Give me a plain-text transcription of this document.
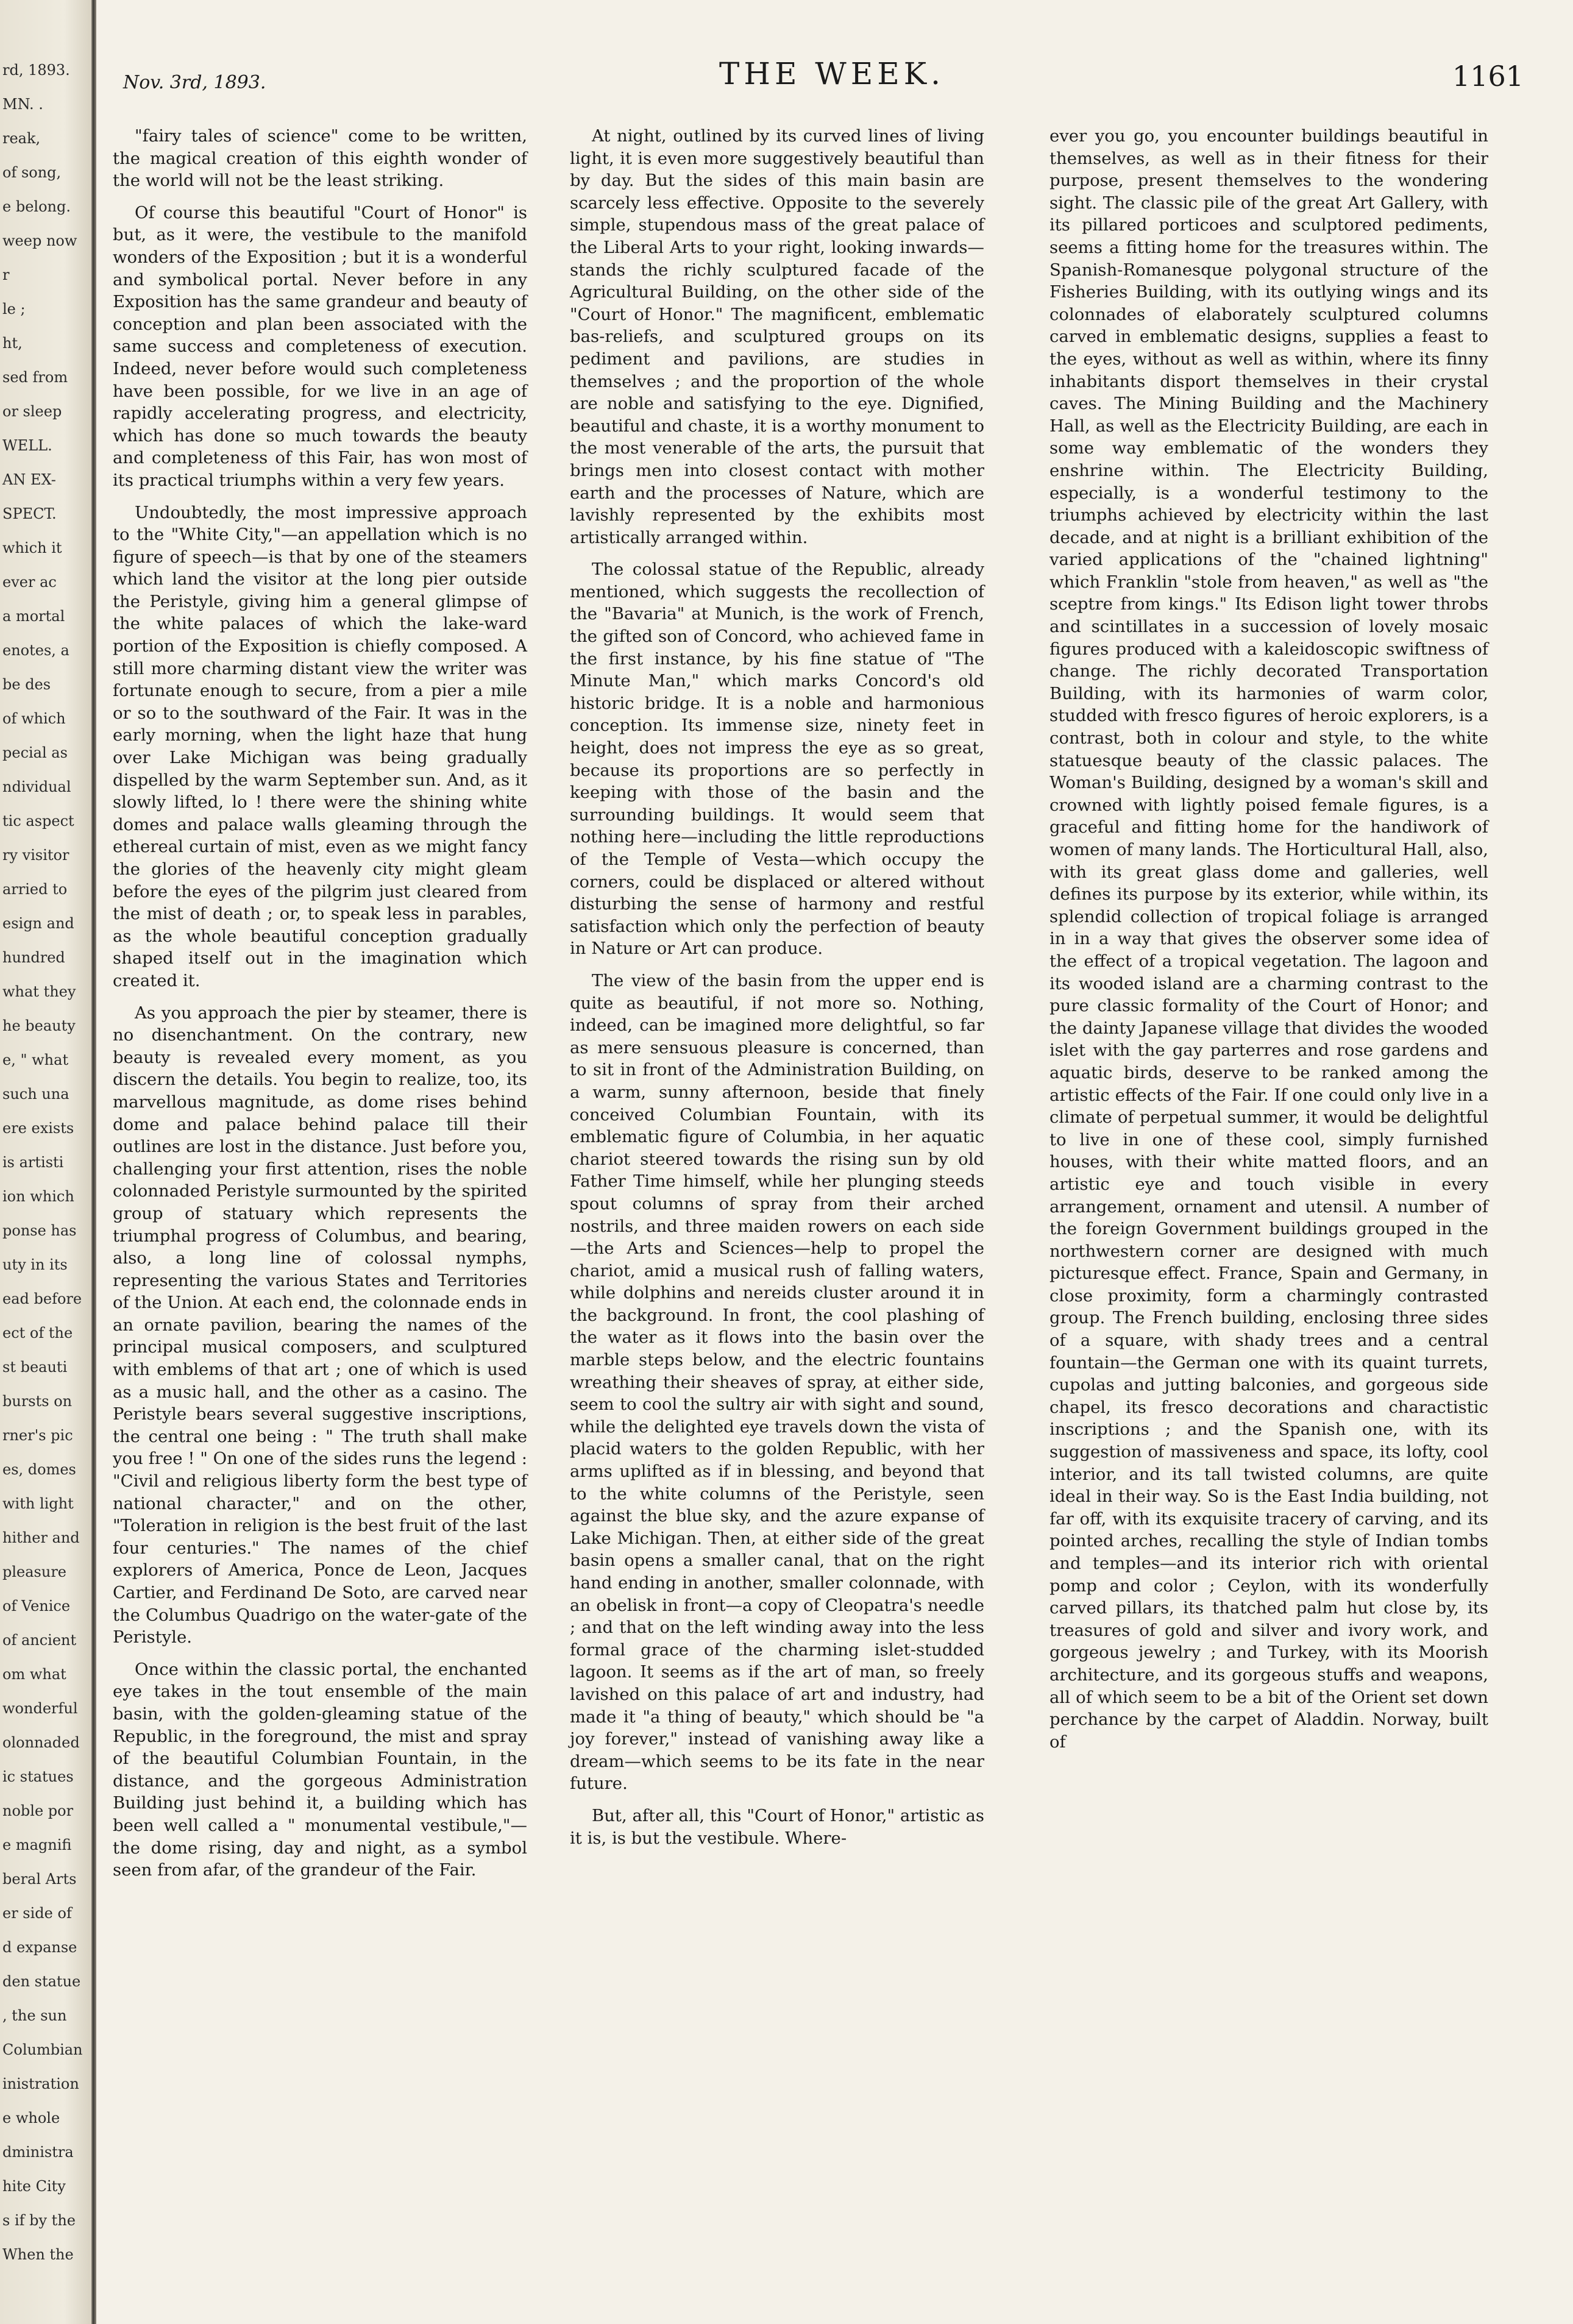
rd, 1893.

MN. .

reak,

of song,

e belong.

weep now

r

le ;

ht,

sed from

or sleep

WELL.

AN EX-

SPECT.

which it

ever ac

a mortal

enotes, a

be des

of which

pecial as

ndividual

tic aspect

ry visitor

arried to

esign and

hundred

what they

he beauty

e, " what

such una

ere exists

is artisti

ion which

ponse has

uty in its

ead before

ect of the

st beauti

bursts on

rner's pic

es, domes

with light

hither and

pleasure

of Venice

of ancient

om what

wonderful

olonnaded

ic statues

noble por

e magnifi

beral Arts

er side of

d expanse

den statue

, the sun

Columbian

inistration

e whole

dministra

hite City

s if by the

When the

Nov. 3rd, 1893.	THE WEEK.	1161

"fairy tales of science" come to be written, the magical creation of this eighth wonder of the world will not be the least striking.

Of course this beautiful "Court of Honor" is but, as it were, the vestibule to the manifold wonders of the Exposition ; but it is a wonderful and symbolical portal. Never before in any Exposition has the same grandeur and beauty of conception and plan been associated with the same success and completeness of execution. Indeed, never before would such completeness have been possible, for we live in an age of rapidly accelerating progress, and electricity, which has done so much towards the beauty and completeness of this Fair, has won most of its practical triumphs within a very few years.

Undoubtedly, the most impressive approach to the "White City,"—an appellation which is no figure of speech—is that by one of the steamers which land the visitor at the long pier outside the Peristyle, giving him a general glimpse of the white palaces of which the lake-ward portion of the Exposition is chiefly composed. A still more charming distant view the writer was fortunate enough to secure, from a pier a mile or so to the southward of the Fair. It was in the early morning, when the light haze that hung over Lake Michigan was being gradually dispelled by the warm September sun. And, as it slowly lifted, lo ! there were the shining white domes and palace walls gleaming through the ethereal curtain of mist, even as we might fancy the glories of the heavenly city might gleam before the eyes of the pilgrim just cleared from the mist of death ; or, to speak less in parables, as the whole beautiful conception gradually shaped itself out in the imagination which created it.

As you approach the pier by steamer, there is no disenchantment. On the contrary, new beauty is revealed every moment, as you discern the details. You begin to realize, too, its marvellous magnitude, as dome rises behind dome and palace behind palace till their outlines are lost in the distance. Just before you, challenging your first attention, rises the noble colonnaded Peristyle surmounted by the spirited group of statuary which represents the triumphal progress of Columbus, and bearing, also, a long line of colossal nymphs, representing the various States and Territories of the Union. At each end, the colonnade ends in an ornate pavilion, bearing the names of the principal musical composers, and sculptured with emblems of that art ; one of which is used as a music hall, and the other as a casino. The Peristyle bears several suggestive inscriptions, the central one being : " The truth shall make you free ! " On one of the sides runs the legend : "Civil and religious liberty form the best type of national character," and on the other, "Toleration in religion is the best fruit of the last four centuries." The names of the chief explorers of America, Ponce de Leon, Jacques Cartier, and Ferdinand De Soto, are carved near the Columbus Quadrigo on the water-gate of the Peristyle.

Once within the classic portal, the enchanted eye takes in the tout ensemble of the main basin, with the golden-gleaming statue of the Republic, in the foreground, the mist and spray of the beautiful Columbian Fountain, in the distance, and the gorgeous Administration Building just behind it, a building which has been well called a " monumental vestibule,"—the dome rising, day and night, as a symbol seen from afar, of the grandeur of the Fair.

At night, outlined by its curved lines of living light, it is even more suggestively beautiful than by day. But the sides of this main basin are scarcely less effective. Opposite to the severely simple, stupendous mass of the great palace of the Liberal Arts to your right, looking inwards—stands the richly sculptured facade of the Agricultural Building, on the other side of the "Court of Honor." The magnificent, emblematic bas-reliefs, and sculptured groups on its pediment and pavilions, are studies in themselves ; and the proportion of the whole are noble and satisfying to the eye. Dignified, beautiful and chaste, it is a worthy monument to the most venerable of the arts, the pursuit that brings men into closest contact with mother earth and the processes of Nature, which are lavishly represented by the exhibits most artistically arranged within.

The colossal statue of the Republic, already mentioned, which suggests the recollection of the "Bavaria" at Munich, is the work of French, the gifted son of Concord, who achieved fame in the first instance, by his fine statue of "The Minute Man," which marks Concord's old historic bridge. It is a noble and harmonious conception. Its immense size, ninety feet in height, does not impress the eye as so great, because its proportions are so perfectly in keeping with those of the basin and the surrounding buildings. It would seem that nothing here—including the little reproductions of the Temple of Vesta—which occupy the corners, could be displaced or altered without disturbing the sense of harmony and restful satisfaction which only the perfection of beauty in Nature or Art can produce.

The view of the basin from the upper end is quite as beautiful, if not more so. Nothing, indeed, can be imagined more delightful, so far as mere sensuous pleasure is concerned, than to sit in front of the Administration Building, on a warm, sunny afternoon, beside that finely conceived Columbian Fountain, with its emblematic figure of Columbia, in her aquatic chariot steered towards the rising sun by old Father Time himself, while her plunging steeds spout columns of spray from their arched nostrils, and three maiden rowers on each side —the Arts and Sciences—help to propel the chariot, amid a musical rush of falling waters, while dolphins and nereids cluster around it in the background. In front, the cool plashing of the water as it flows into the basin over the marble steps below, and the electric fountains wreathing their sheaves of spray, at either side, seem to cool the sultry air with sight and sound, while the delighted eye travels down the vista of placid waters to the golden Republic, with her arms uplifted as if in blessing, and beyond that to the white columns of the Peristyle, seen against the blue sky, and the azure expanse of Lake Michigan. Then, at either side of the great basin opens a smaller canal, that on the right hand ending in another, smaller colonnade, with an obelisk in front—a copy of Cleopatra's needle ; and that on the left winding away into the less formal grace of the charming islet-studded lagoon. It seems as if the art of man, so freely lavished on this palace of art and industry, had made it "a thing of beauty," which should be "a joy forever," instead of vanishing away like a dream—which seems to be its fate in the near future.

But, after all, this "Court of Honor," artistic as it is, is but the vestibule. Where-

ever you go, you encounter buildings beautiful in themselves, as well as in their fitness for their purpose, present themselves to the wondering sight. The classic pile of the great Art Gallery, with its pillared porticoes and sculptored pediments, seems a fitting home for the treasures within. The Spanish-Romanesque polygonal structure of the Fisheries Building, with its outlying wings and its colonnades of elaborately sculptured columns carved in emblematic designs, supplies a feast to the eyes, without as well as within, where its finny inhabitants disport themselves in their crystal caves. The Mining Building and the Machinery Hall, as well as the Electricity Building, are each in some way emblematic of the wonders they enshrine within. The Electricity Building, especially, is a wonderful testimony to the triumphs achieved by electricity within the last decade, and at night is a brilliant exhibition of the varied applications of the "chained lightning" which Franklin "stole from heaven," as well as "the sceptre from kings." Its Edison light tower throbs and scintillates in a succession of lovely mosaic figures produced with a kaleidoscopic swiftness of change. The richly decorated Transportation Building, with its harmonies of warm color, studded with fresco figures of heroic explorers, is a contrast, both in colour and style, to the white statuesque beauty of the classic palaces. The Woman's Building, designed by a woman's skill and crowned with lightly poised female figures, is a graceful and fitting home for the handiwork of women of many lands. The Horticultural Hall, also, with its great glass dome and galleries, well defines its purpose by its exterior, while within, its splendid collection of tropical foliage is arranged in in a way that gives the observer some idea of the effect of a tropical vegetation. The lagoon and its wooded island are a charming contrast to the pure classic formality of the Court of Honor; and the dainty Japanese village that divides the wooded islet with the gay parterres and rose gardens and aquatic birds, deserve to be ranked among the artistic effects of the Fair. If one could only live in a climate of perpetual summer, it would be delightful to live in one of these cool, simply furnished houses, with their white matted floors, and an artistic eye and touch visible in every arrangement, ornament and utensil. A number of the foreign Government buildings grouped in the northwestern corner are designed with much picturesque effect. France, Spain and Germany, in close proximity, form a charmingly contrasted group. The French building, enclosing three sides of a square, with shady trees and a central fountain—the German one with its quaint turrets, cupolas and jutting balconies, and gorgeous side chapel, its fresco decorations and charactistic inscriptions ; and the Spanish one, with its suggestion of massiveness and space, its lofty, cool interior, and its tall twisted columns, are quite ideal in their way. So is the East India building, not far off, with its exquisite tracery of carving, and its pointed arches, recalling the style of Indian tombs and temples—and its interior rich with oriental pomp and color ; Ceylon, with its wonderfully carved pillars, its thatched palm hut close by, its treasures of gold and silver and ivory work, and gorgeous jewelry ; and Turkey, with its Moorish architecture, and its gorgeous stuffs and weapons, all of which seem to be a bit of the Orient set down perchance by the carpet of Aladdin. Norway, built of
